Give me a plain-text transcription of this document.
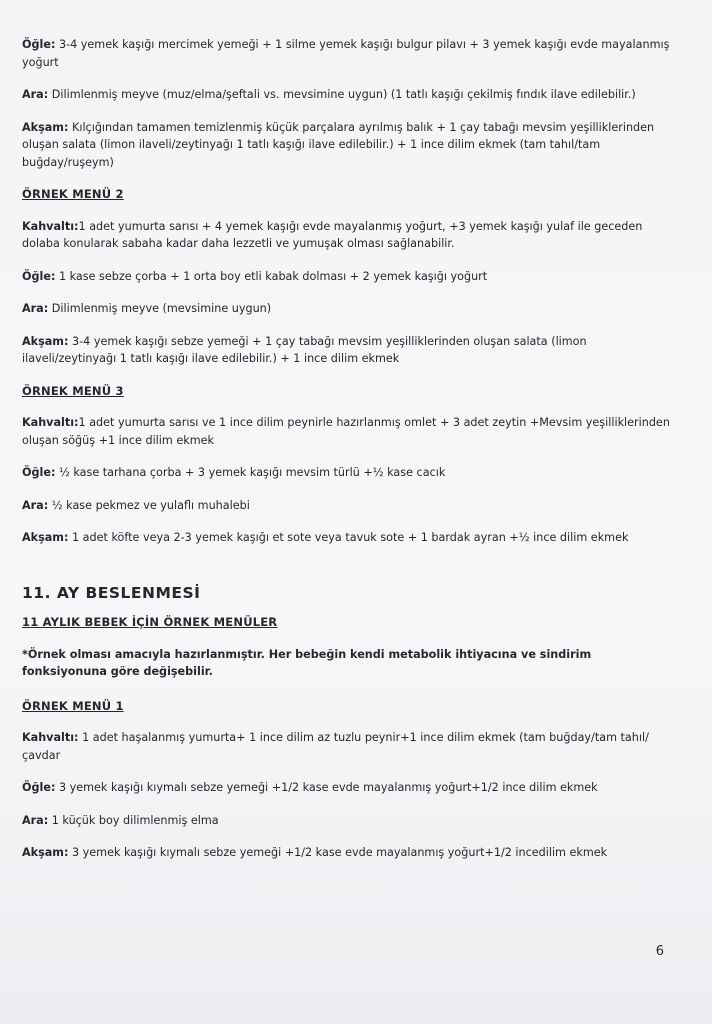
Öğle: 3-4 yemek kaşığı mercimek yemeği + 1 silme yemek kaşığı bulgur pilavı + 3 yemek kaşığı evde mayalanmış yoğurt

Ara: Dilimlenmiş meyve (muz/elma/şeftali vs. mevsimine uygun) (1 tatlı kaşığı çekilmiş fındık ilave edilebilir.)

Akşam: Kılçığından tamamen temizlenmiş küçük parçalara ayrılmış balık + 1 çay tabağı mevsim yeşilliklerinden oluşan salata (limon ilaveli/zeytinyağı 1 tatlı kaşığı ilave edilebilir.) + 1 ince dilim ekmek (tam tahıl/tam buğday/ruşeym)

ÖRNEK MENÜ 2

Kahvaltı:1 adet yumurta sarısı + 4 yemek kaşığı evde mayalanmış yoğurt, +3 yemek kaşığı yulaf ile geceden dolaba konularak sabaha kadar daha lezzetli ve yumuşak olması sağlanabilir.

Öğle: 1 kase sebze çorba + 1 orta boy etli kabak dolması + 2 yemek kaşığı yoğurt

Ara: Dilimlenmiş meyve (mevsimine uygun)

Akşam: 3-4 yemek kaşığı sebze yemeği + 1 çay tabağı mevsim yeşilliklerinden oluşan salata (limon ilaveli/zeytinyağı 1 tatlı kaşığı ilave edilebilir.) + 1 ince dilim ekmek

ÖRNEK MENÜ 3

Kahvaltı:1 adet yumurta sarısı ve 1 ince dilim peynirle hazırlanmış omlet + 3 adet zeytin +Mevsim yeşilliklerinden oluşan söğüş +1 ince dilim ekmek

Öğle: ½ kase tarhana çorba + 3 yemek kaşığı mevsim türlü +½ kase cacık

Ara: ½ kase pekmez ve yulaflı muhalebi

Akşam: 1 adet köfte veya 2-3 yemek kaşığı et sote veya tavuk sote + 1 bardak ayran +½ ince dilim ekmek

11. AY BESLENMESİ
11 AYLIK BEBEK İÇİN ÖRNEK MENÜLER

*Örnek olması amacıyla hazırlanmıştır. Her bebeğin kendi metabolik ihtiyacına ve sindirim fonksiyonuna göre değişebilir.

ÖRNEK MENÜ 1

Kahvaltı: 1 adet haşalanmış yumurta+ 1 ince dilim az tuzlu peynir+1 ince dilim ekmek (tam buğday/tam tahıl/çavdar

Öğle: 3 yemek kaşığı kıymalı sebze yemeği +1/2 kase evde mayalanmış yoğurt+1/2 ince dilim ekmek

Ara: 1 küçük boy dilimlenmiş elma

Akşam: 3 yemek kaşığı kıymalı sebze yemeği +1/2 kase evde mayalanmış yoğurt+1/2 incedilim ekmek

6
